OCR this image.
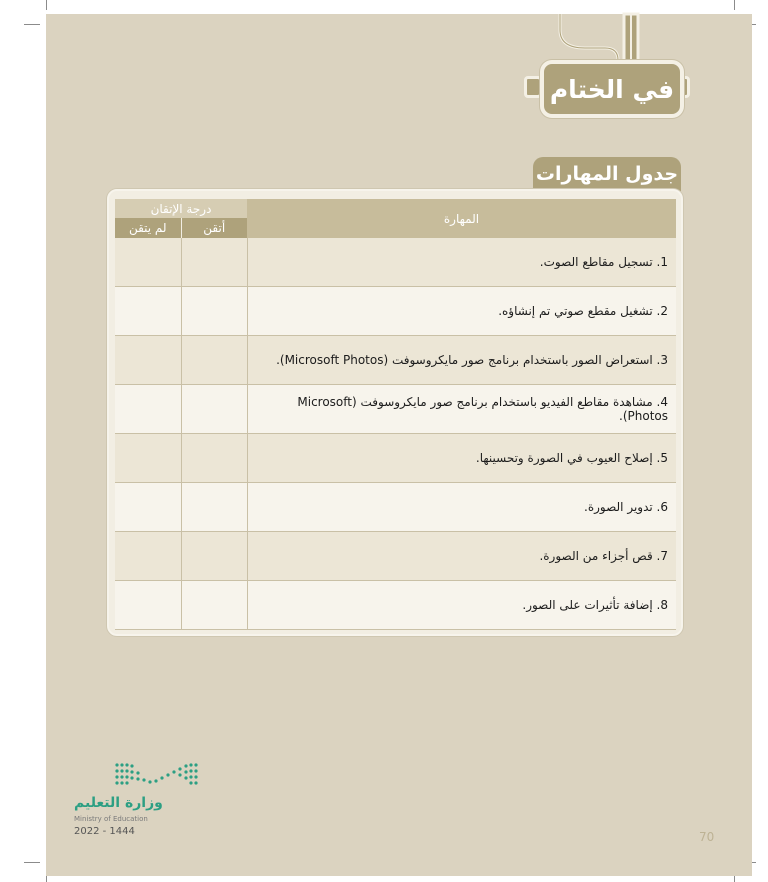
في الختام
جدول المهارات
درجة الإتقان		المهارة
لم يتقن	أتقن	
		1. تسجيل مقاطع الصوت.
		2. تشغيل مقطع صوتي تم إنشاؤه.
		3. استعراض الصور باستخدام برنامج صور مايكروسوفت (Microsoft Photos).
		4. مشاهدة مقاطع الفيديو باستخدام برنامج صور مايكروسوفت (Microsoft Photos).
		5. إصلاح العيوب في الصورة وتحسينها.
		6. تدوير الصورة.
		7. قص أجزاء من الصورة.
		8. إضافة تأثيرات على الصور.
وزارة التعليم
Ministry of Education
2022 - 1444	70
